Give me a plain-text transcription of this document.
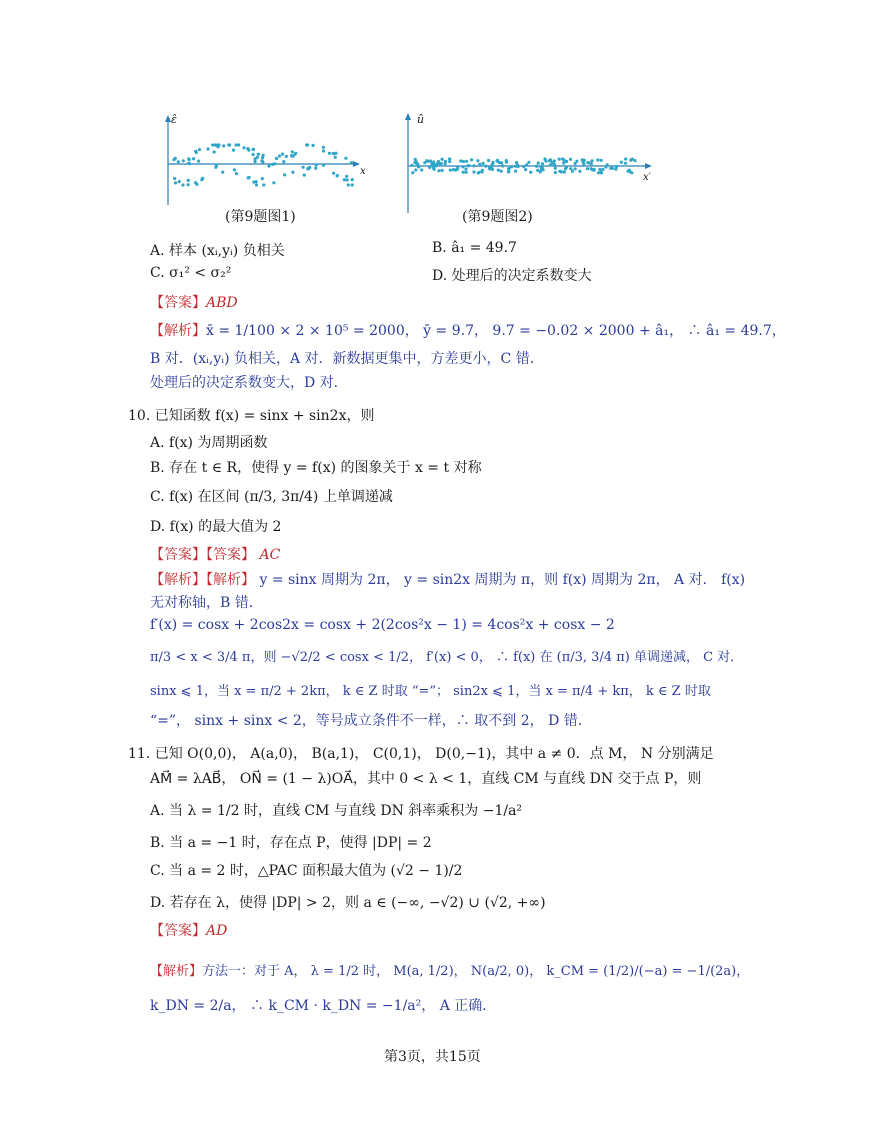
ε̂
x
(第9题图1)
û
x′
(第9题图2)
A. 样本 (xᵢ,yᵢ) 负相关	B. â₁ = 49.7
C. σ₁² < σ₂²	D. 处理后的决定系数变大
【答案】ABD
【解析】x̄ = 1/100 × 2 × 10⁵ = 2000， ȳ = 9.7， 9.7 = −0.02 × 2000 + â₁， ∴ â₁ = 49.7，
B 对．(xᵢ,yᵢ) 负相关，A 对．新数据更集中，方差更小，C 错．
处理后的决定系数变大，D 对．
10. 已知函数 f(x) = sinx + sin2x，则
A. f(x) 为周期函数
B. 存在 t ∈ R，使得 y = f(x) 的图象关于 x = t 对称
C. f(x) 在区间 (π/3, 3π/4) 上单调递减
D. f(x) 的最大值为 2
【答案】【答案】 AC
【解析】【解析】 y = sinx 周期为 2π， y = sin2x 周期为 π，则 f(x) 周期为 2π， A 对． f(x)
无对称轴，B 错．
f′(x) = cosx + 2cos2x = cosx + 2(2cos²x − 1) = 4cos²x + cosx − 2
π/3 < x < 3/4 π，则 −√2/2 < cosx < 1/2， f′(x) < 0， ∴ f(x) 在 (π/3, 3/4 π) 单调递减， C 对．
sinx ⩽ 1，当 x = π/2 + 2kπ， k ∈ Z 时取 “=”； sin2x ⩽ 1，当 x = π/4 + kπ， k ∈ Z 时取
“=”， sinx + sinx < 2，等号成立条件不一样，∴ 取不到 2， D 错．
11. 已知 O(0,0)， A(a,0)， B(a,1)， C(0,1)， D(0,−1)，其中 a ≠ 0．点 M， N 分别满足
AM⃗ = λAB⃗， ON⃗ = (1 − λ)OA⃗，其中 0 < λ < 1，直线 CM 与直线 DN 交于点 P，则
A. 当 λ = 1/2 时，直线 CM 与直线 DN 斜率乘积为 −1/a²
B. 当 a = −1 时，存在点 P，使得 |DP| = 2
C. 当 a = 2 时，△PAC 面积最大值为 (√2 − 1)/2
D. 若存在 λ，使得 |DP| > 2，则 a ∈ (−∞, −√2) ∪ (√2, +∞)
【答案】AD
【解析】方法一：对于 A， λ = 1/2 时， M(a, 1/2)， N(a/2, 0)， k_CM = (1/2)/(−a) = −1/(2a)，
k_DN = 2/a， ∴ k_CM · k_DN = −1/a²， A 正确．
第3页，共15页
